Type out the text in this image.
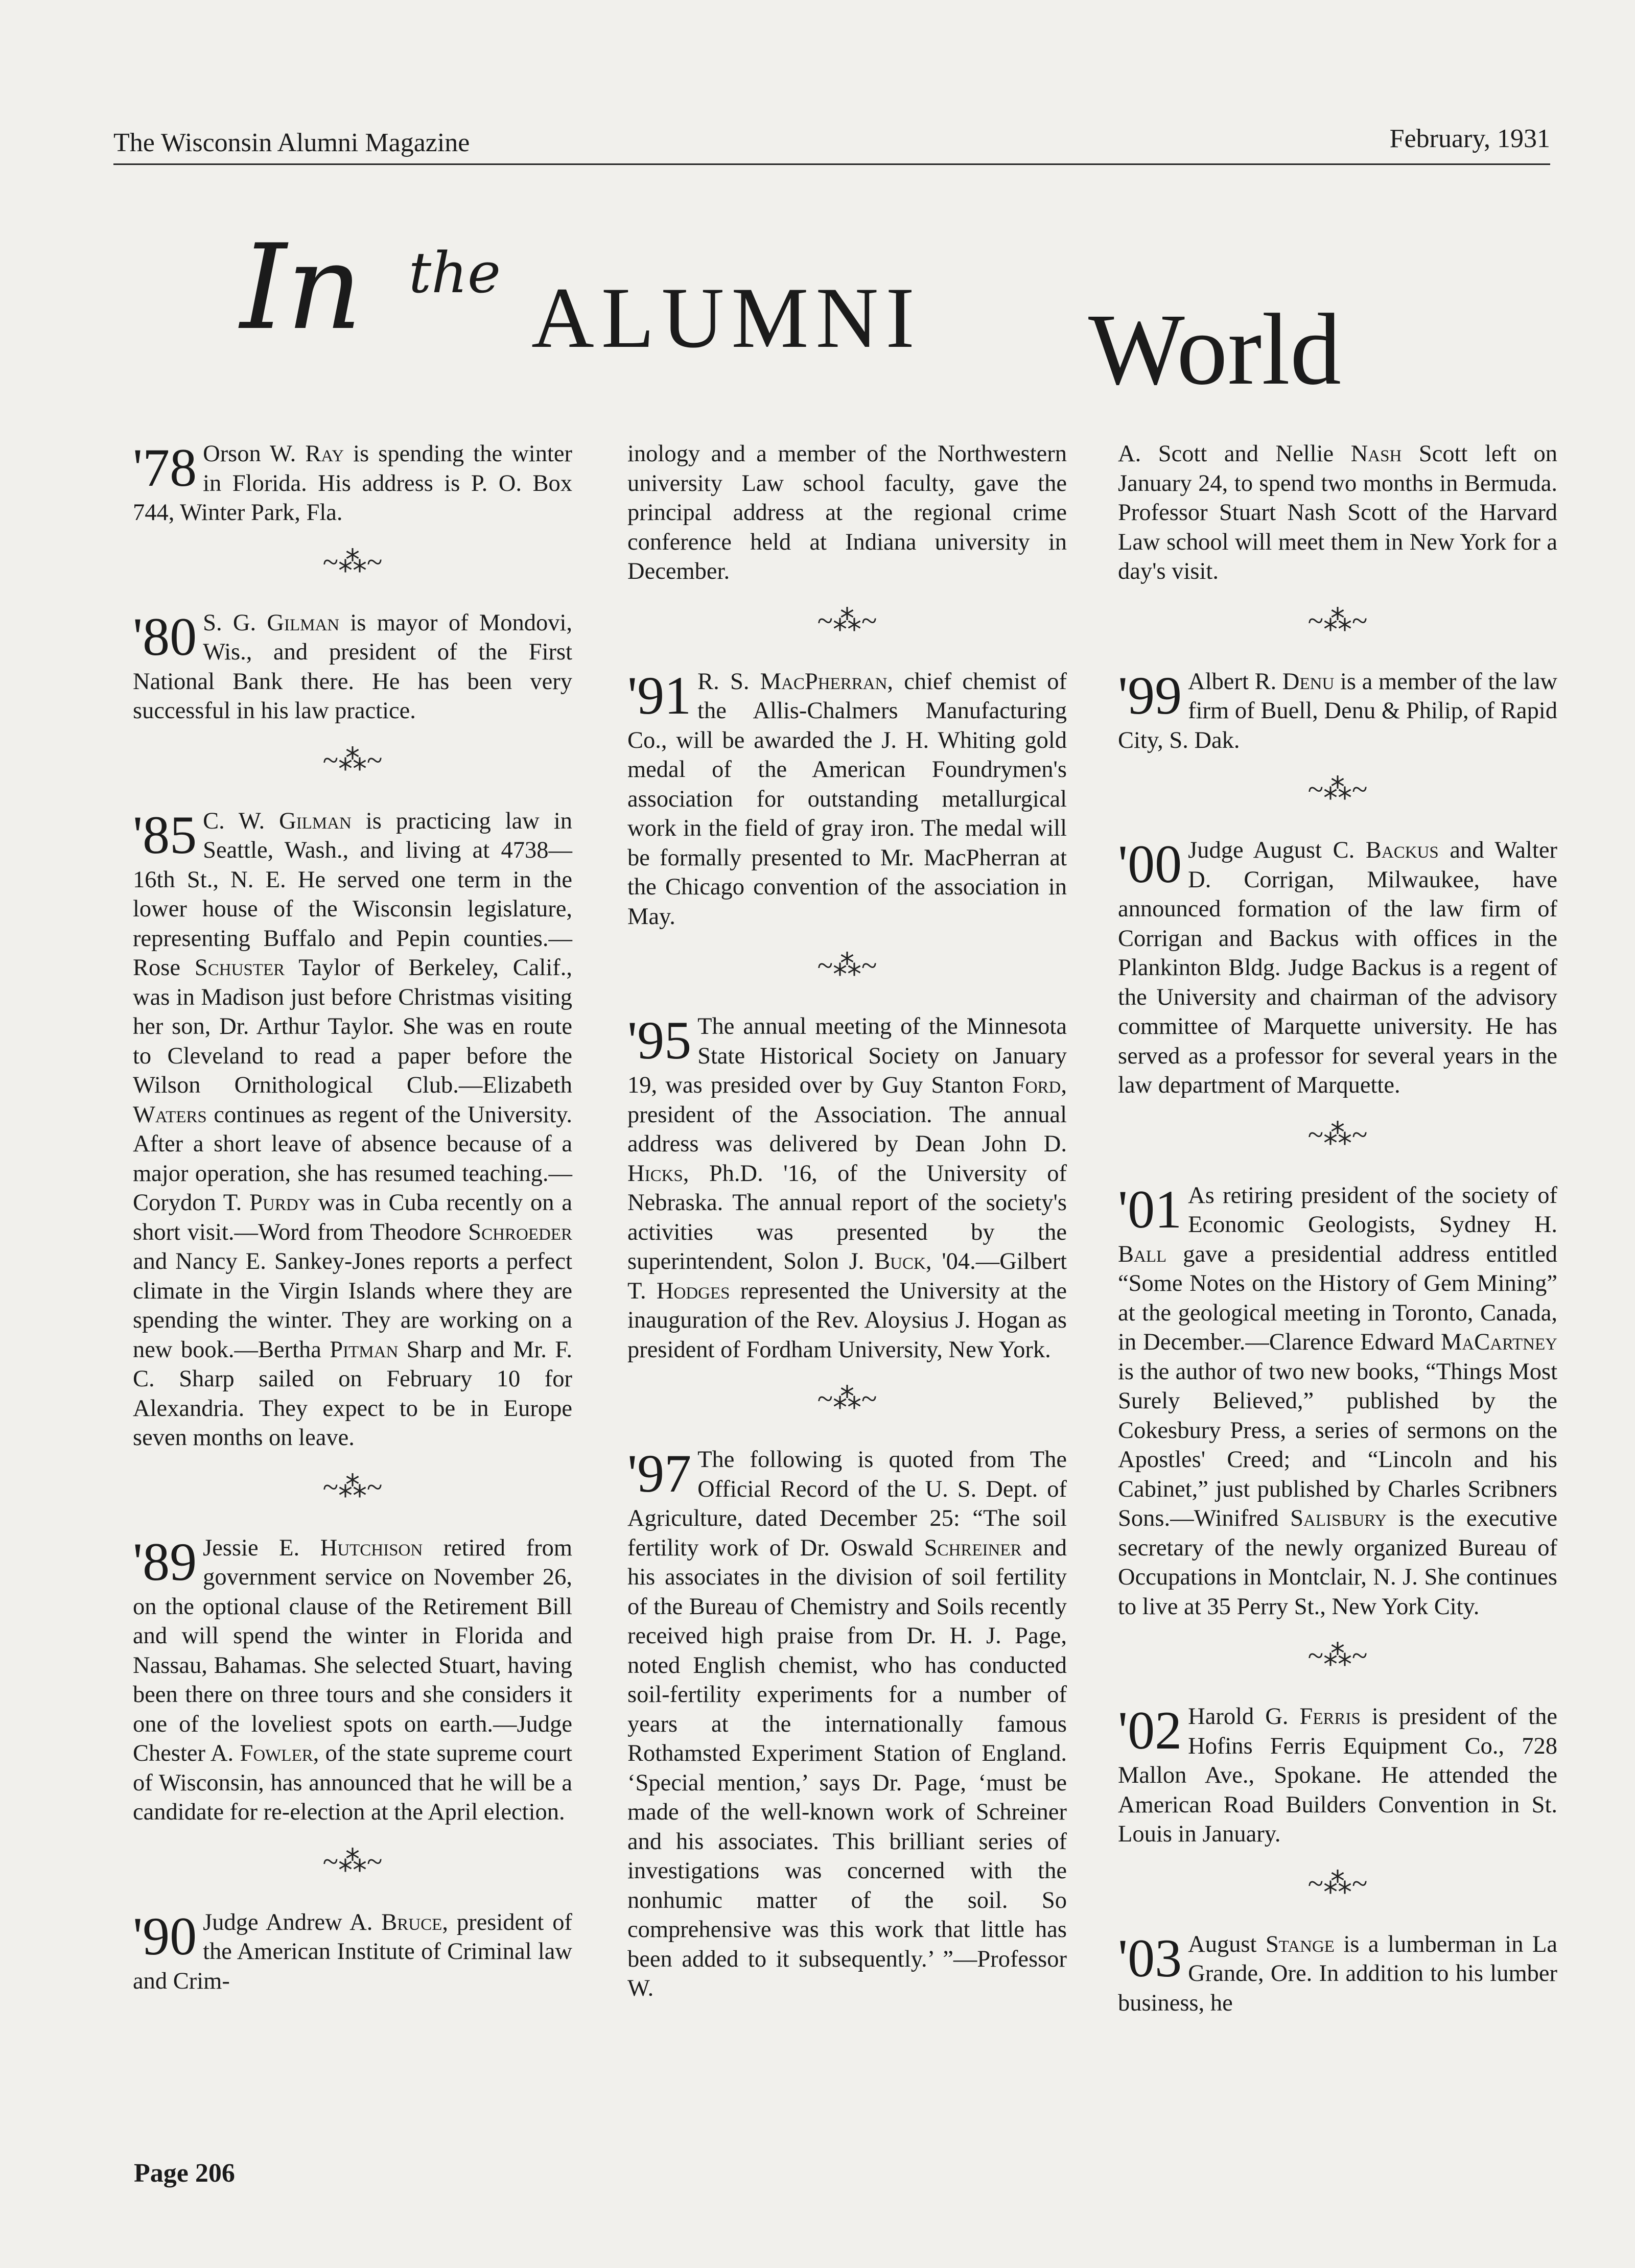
The Wisconsin Alumni Magazine	February, 1931
In the ALUMNI World

'78 Orson W. Ray is spending the winter in Florida. His address is P. O. Box 744, Winter Park, Fla.

~⁂~

'80 S. G. Gilman is mayor of Mondovi, Wis., and president of the First National Bank there. He has been very successful in his law practice.

~⁂~

'85 C. W. Gilman is practicing law in Seattle, Wash., and living at 4738—16th St., N. E. He served one term in the lower house of the Wisconsin legislature, representing Buffalo and Pepin counties.—Rose Schuster Taylor of Berkeley, Calif., was in Madison just before Christmas visiting her son, Dr. Arthur Taylor. She was en route to Cleveland to read a paper before the Wilson Ornithological Club.—Elizabeth Waters continues as regent of the University. After a short leave of absence because of a major operation, she has resumed teaching.—Corydon T. Purdy was in Cuba recently on a short visit.—Word from Theodore Schroeder and Nancy E. Sankey-Jones reports a perfect climate in the Virgin Islands where they are spending the winter. They are working on a new book.—Bertha Pitman Sharp and Mr. F. C. Sharp sailed on February 10 for Alexandria. They expect to be in Europe seven months on leave.

~⁂~

'89 Jessie E. Hutchison retired from government service on November 26, on the optional clause of the Retirement Bill and will spend the winter in Florida and Nassau, Bahamas. She selected Stuart, having been there on three tours and she considers it one of the loveliest spots on earth.—Judge Chester A. Fowler, of the state supreme court of Wisconsin, has announced that he will be a candidate for re-election at the April election.

~⁂~

'90 Judge Andrew A. Bruce, president of the American Institute of Criminal law and Crim-

inology and a member of the Northwestern university Law school faculty, gave the principal address at the regional crime conference held at Indiana university in December.

~⁂~

'91 R. S. MacPherran, chief chemist of the Allis-Chalmers Manufacturing Co., will be awarded the J. H. Whiting gold medal of the American Foundrymen's association for outstanding metallurgical work in the field of gray iron. The medal will be formally presented to Mr. MacPherran at the Chicago convention of the association in May.

~⁂~

'95 The annual meeting of the Minnesota State Historical Society on January 19, was presided over by Guy Stanton Ford, president of the Association. The annual address was delivered by Dean John D. Hicks, Ph.D. '16, of the University of Nebraska. The annual report of the society's activities was presented by the superintendent, Solon J. Buck, '04.—Gilbert T. Hodges represented the University at the inauguration of the Rev. Aloysius J. Hogan as president of Fordham University, New York.

~⁂~

'97 The following is quoted from The Official Record of the U. S. Dept. of Agriculture, dated December 25: “The soil fertility work of Dr. Oswald Schreiner and his associates in the division of soil fertility of the Bureau of Chemistry and Soils recently received high praise from Dr. H. J. Page, noted English chemist, who has conducted soil-fertility experiments for a number of years at the internationally famous Rothamsted Experiment Station of England. ‘Special mention,’ says Dr. Page, ‘must be made of the well-known work of Schreiner and his associates. This brilliant series of investigations was concerned with the nonhumic matter of the soil. So comprehensive was this work that little has been added to it subsequently.’ ”—Professor W.

A. Scott and Nellie Nash Scott left on January 24, to spend two months in Bermuda. Professor Stuart Nash Scott of the Harvard Law school will meet them in New York for a day's visit.

~⁂~

'99 Albert R. Denu is a member of the law firm of Buell, Denu & Philip, of Rapid City, S. Dak.

~⁂~

'00 Judge August C. Backus and Walter D. Corrigan, Milwaukee, have announced formation of the law firm of Corrigan and Backus with offices in the Plankinton Bldg. Judge Backus is a regent of the University and chairman of the advisory committee of Marquette university. He has served as a professor for several years in the law department of Marquette.

~⁂~

'01 As retiring president of the society of Economic Geologists, Sydney H. Ball gave a presidential address entitled “Some Notes on the History of Gem Mining” at the geological meeting in Toronto, Canada, in December.—Clarence Edward MaCartney is the author of two new books, “Things Most Surely Believed,” published by the Cokesbury Press, a series of sermons on the Apostles' Creed; and “Lincoln and his Cabinet,” just published by Charles Scribners Sons.—Winifred Salisbury is the executive secretary of the newly organized Bureau of Occupations in Montclair, N. J. She continues to live at 35 Perry St., New York City.

~⁂~

'02 Harold G. Ferris is president of the Hofins Ferris Equipment Co., 728 Mallon Ave., Spokane. He attended the American Road Builders Convention in St. Louis in January.

~⁂~

'03 August Stange is a lumberman in La Grande, Ore. In addition to his lumber business, he

Page 206
